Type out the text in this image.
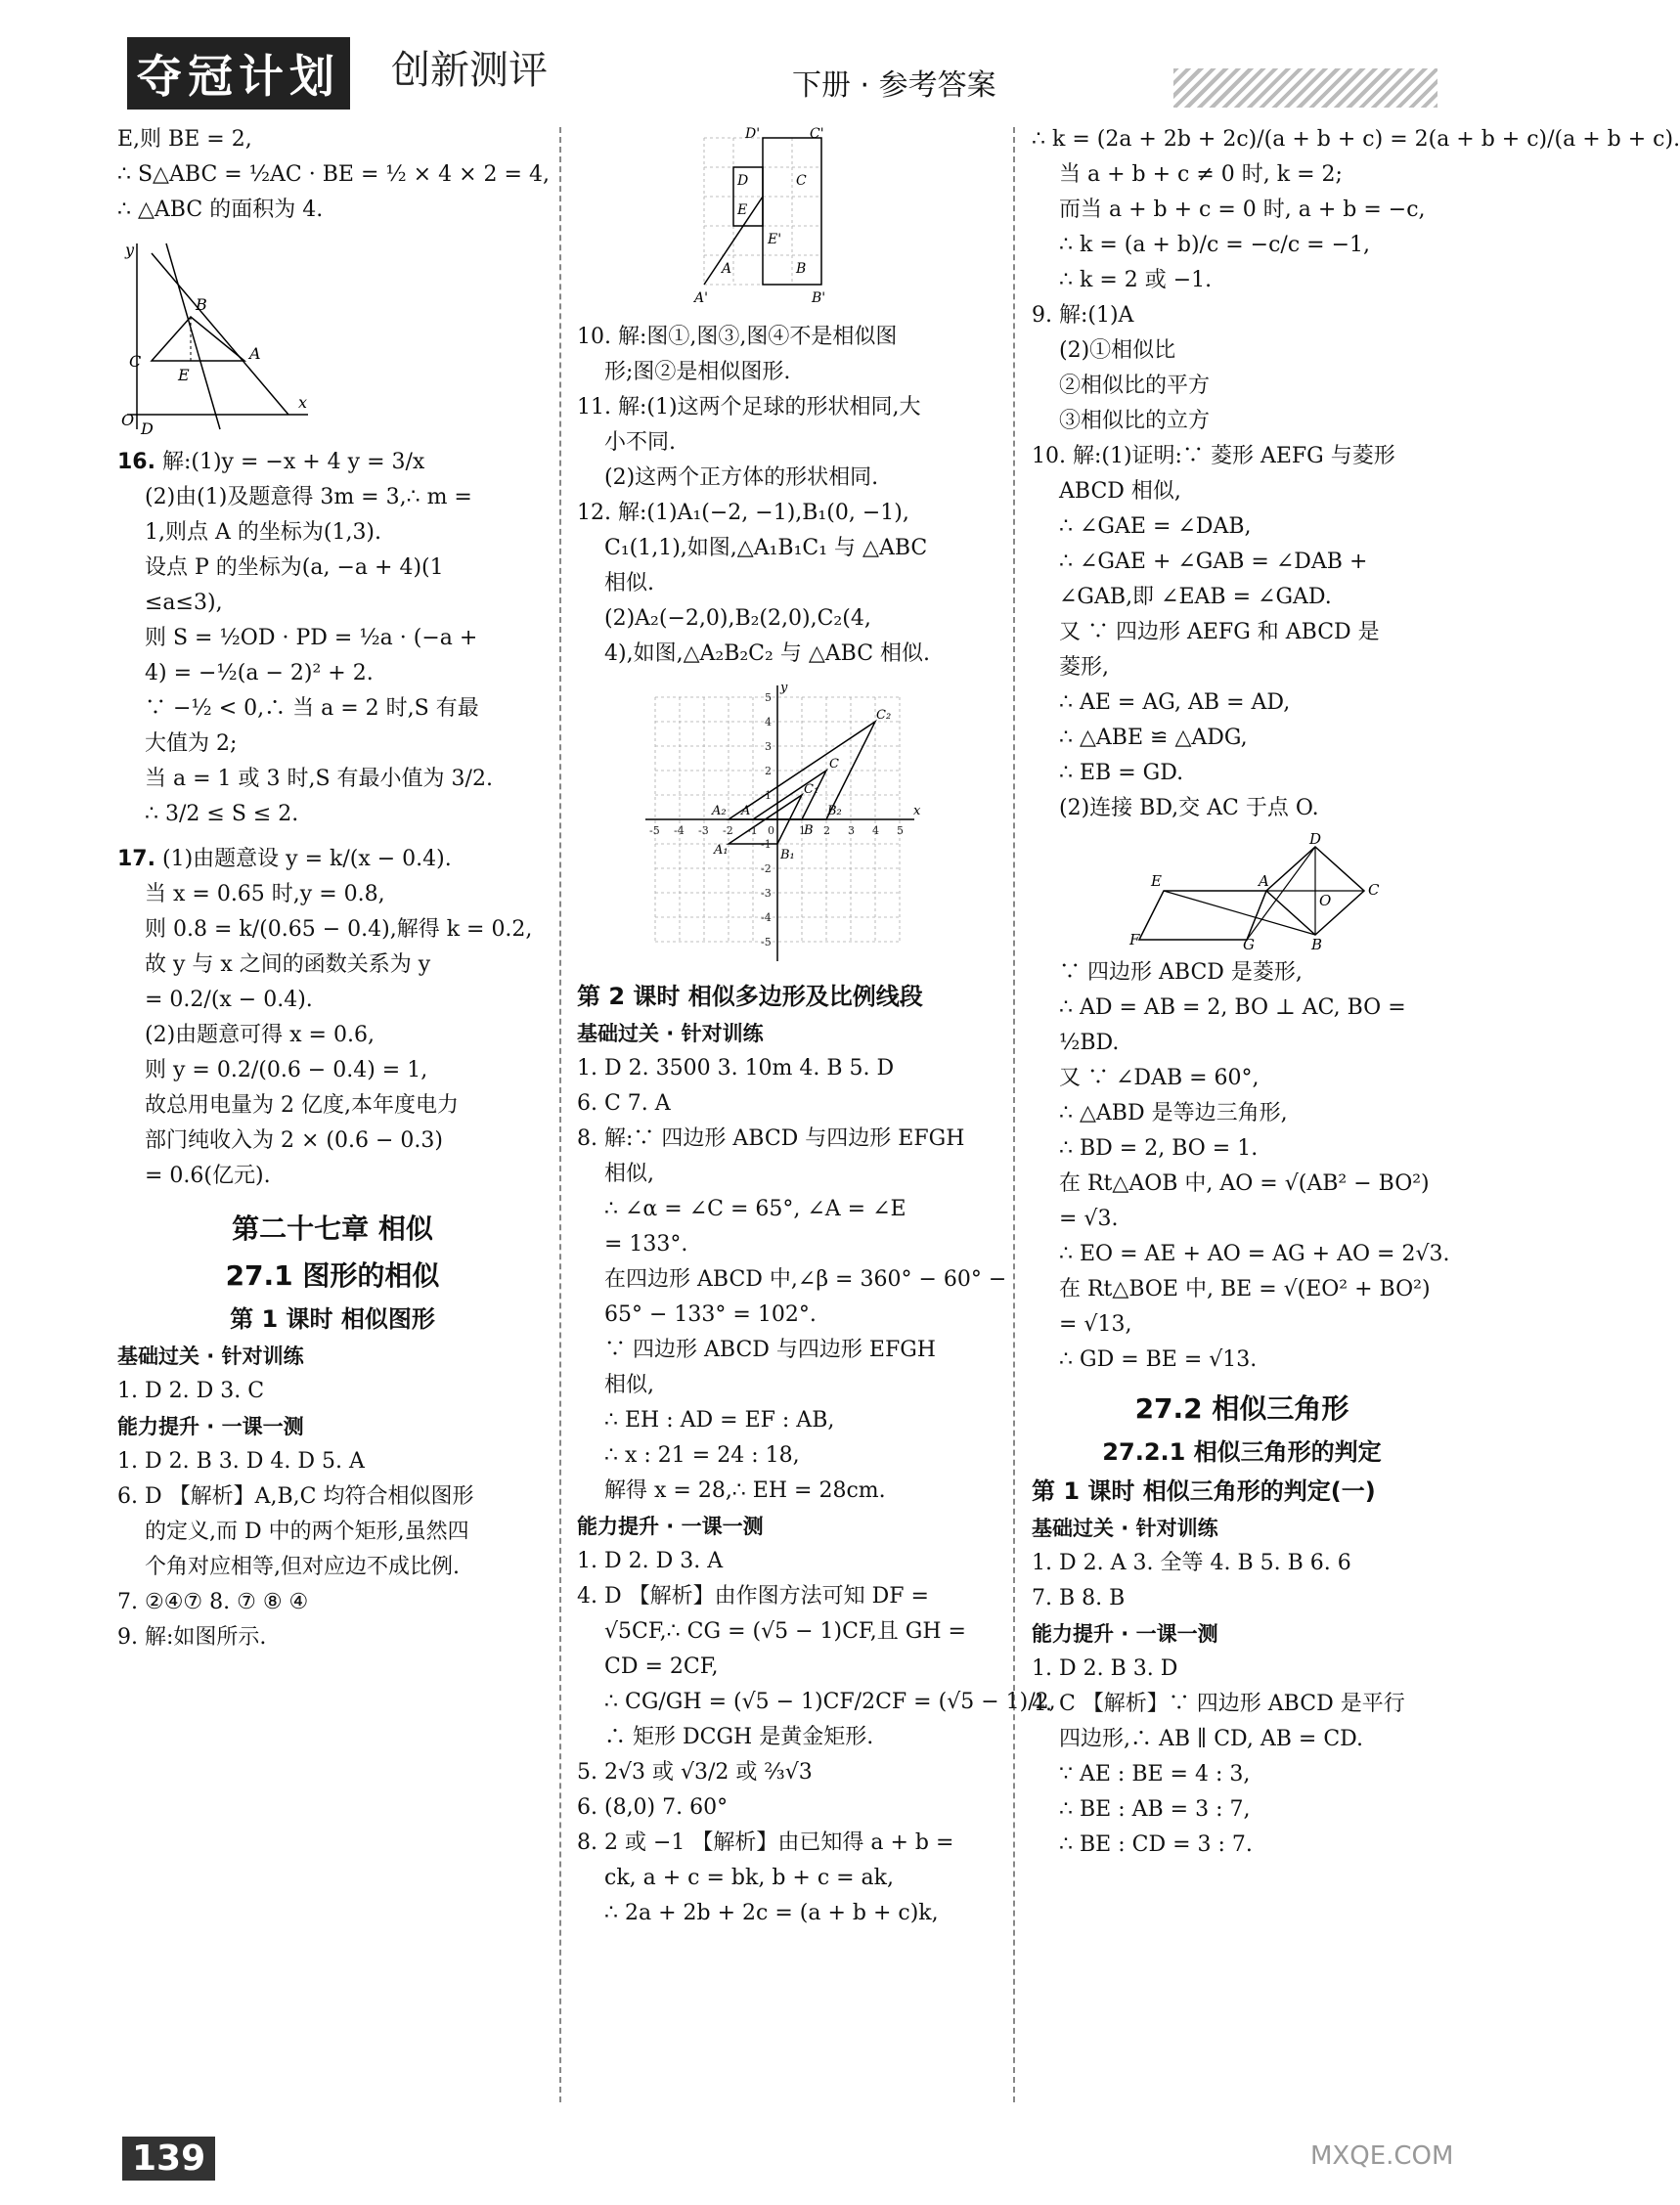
夺冠计划 创新测评	下册 · 参考答案
E,则 BE = 2,
∴ S△ABC = ½AC · BE = ½ × 4 × 2 = 4,
∴ △ABC 的面积为 4.
y
B
C	A
E
O D
x
16. 解:(1)y = −x + 4 y = 3/x
(2)由(1)及题意得 3m = 3,∴ m =
1,则点 A 的坐标为(1,3).
设点 P 的坐标为(a, −a + 4)(1
≤a≤3),
则 S = ½OD · PD = ½a · (−a +
4) = −½(a − 2)² + 2.
∵ −½ < 0,∴ 当 a = 2 时,S 有最
大值为 2;
当 a = 1 或 3 时,S 有最小值为 3/2.
∴ 3/2 ≤ S ≤ 2.
17. (1)由题意设 y = k/(x − 0.4).
当 x = 0.65 时,y = 0.8,
则 0.8 = k/(0.65 − 0.4),解得 k = 0.2,
故 y 与 x 之间的函数关系为 y
= 0.2/(x − 0.4).
(2)由题意可得 x = 0.6,
则 y = 0.2/(0.6 − 0.4) = 1,
故总用电量为 2 亿度,本年度电力
部门纯收入为 2 × (0.6 − 0.3)
= 0.6(亿元).
第二十七章 相似
27.1 图形的相似
第 1 课时 相似图形
基础过关 · 针对训练
1. D 2. D 3. C
能力提升 · 一课一测
1. D 2. B 3. D 4. D 5. A
6. D 【解析】A,B,C 均符合相似图形
的定义,而 D 中的两个矩形,虽然四
个角对应相等,但对应边不成比例.
7. ②④⑦ 8. ⑦ ⑧ ④
9. 解:如图所示.
D'	C'
D	C
E
E'
A	B
A'	B'
10. 解:图①,图③,图④不是相似图
形;图②是相似图形.
11. 解:(1)这两个足球的形状相同,大
小不同.
(2)这两个正方体的形状相同.
12. 解:(1)A₁(−2, −1),B₁(0, −1),
C₁(1,1),如图,△A₁B₁C₁ 与 △ABC
相似.
(2)A₂(−2,0),B₂(2,0),C₂(4,
4),如图,△A₂B₂C₂ 与 △ABC 相似.
y
x
C₂
C
A₂	B₂
A
B
A₁	B₁
C₁
-5 -4 -3 -2 -1 0 1 2 3 4 5
5
4
3
2
1
-1
-2
-3
-4
-5
第 2 课时 相似多边形及比例线段
基础过关 · 针对训练
1. D 2. 3500 3. 10m 4. B 5. D
6. C 7. A
8. 解:∵ 四边形 ABCD 与四边形 EFGH
相似,
∴ ∠α = ∠C = 65°, ∠A = ∠E
= 133°.
在四边形 ABCD 中,∠β = 360° − 60° −
65° − 133° = 102°.
∵ 四边形 ABCD 与四边形 EFGH
相似,
∴ EH : AD = EF : AB,
∴ x : 21 = 24 : 18,
解得 x = 28,∴ EH = 28cm.
能力提升 · 一课一测
1. D 2. D 3. A
4. D 【解析】由作图方法可知 DF =
√5CF,∴ CG = (√5 − 1)CF,且 GH =
CD = 2CF,
∴ CG/GH = (√5 − 1)CF/2CF = (√5 − 1)/2,
∴ 矩形 DCGH 是黄金矩形.
5. 2√3 或 √3/2 或 ⅔√3
6. (8,0) 7. 60°
8. 2 或 −1 【解析】由已知得 a + b =
ck, a + c = bk, b + c = ak,
∴ 2a + 2b + 2c = (a + b + c)k,
∴ k = (2a + 2b + 2c)/(a + b + c) = 2(a + b + c)/(a + b + c).
当 a + b + c ≠ 0 时, k = 2;
而当 a + b + c = 0 时, a + b = −c,
∴ k = (a + b)/c = −c/c = −1,
∴ k = 2 或 −1.
9. 解:(1)A
(2)①相似比
②相似比的平方
③相似比的立方
10. 解:(1)证明:∵ 菱形 AEFG 与菱形
ABCD 相似,
∴ ∠GAE = ∠DAB,
∴ ∠GAE + ∠GAB = ∠DAB +
∠GAB,即 ∠EAB = ∠GAD.
又 ∵ 四边形 AEFG 和 ABCD 是
菱形,
∴ AE = AG, AB = AD,
∴ △ABE ≌ △ADG,
∴ EB = GD.
(2)连接 BD,交 AC 于点 O.
D
E	A
O
C
F	G	B
∵ 四边形 ABCD 是菱形,
∴ AD = AB = 2, BO ⊥ AC, BO =
½BD.
又 ∵ ∠DAB = 60°,
∴ △ABD 是等边三角形,
∴ BD = 2, BO = 1.
在 Rt△AOB 中, AO = √(AB² − BO²)
= √3.
∴ EO = AE + AO = AG + AO = 2√3.
在 Rt△BOE 中, BE = √(EO² + BO²)
= √13,
∴ GD = BE = √13.
27.2 相似三角形
27.2.1 相似三角形的判定
第 1 课时 相似三角形的判定(一)
基础过关 · 针对训练
1. D 2. A 3. 全等 4. B 5. B 6. 6
7. B 8. B
能力提升 · 一课一测
1. D 2. B 3. D
4. C 【解析】∵ 四边形 ABCD 是平行
四边形,∴ AB ∥ CD, AB = CD.
∵ AE : BE = 4 : 3,
∴ BE : AB = 3 : 7,
∴ BE : CD = 3 : 7.
139	MXQE.COM
